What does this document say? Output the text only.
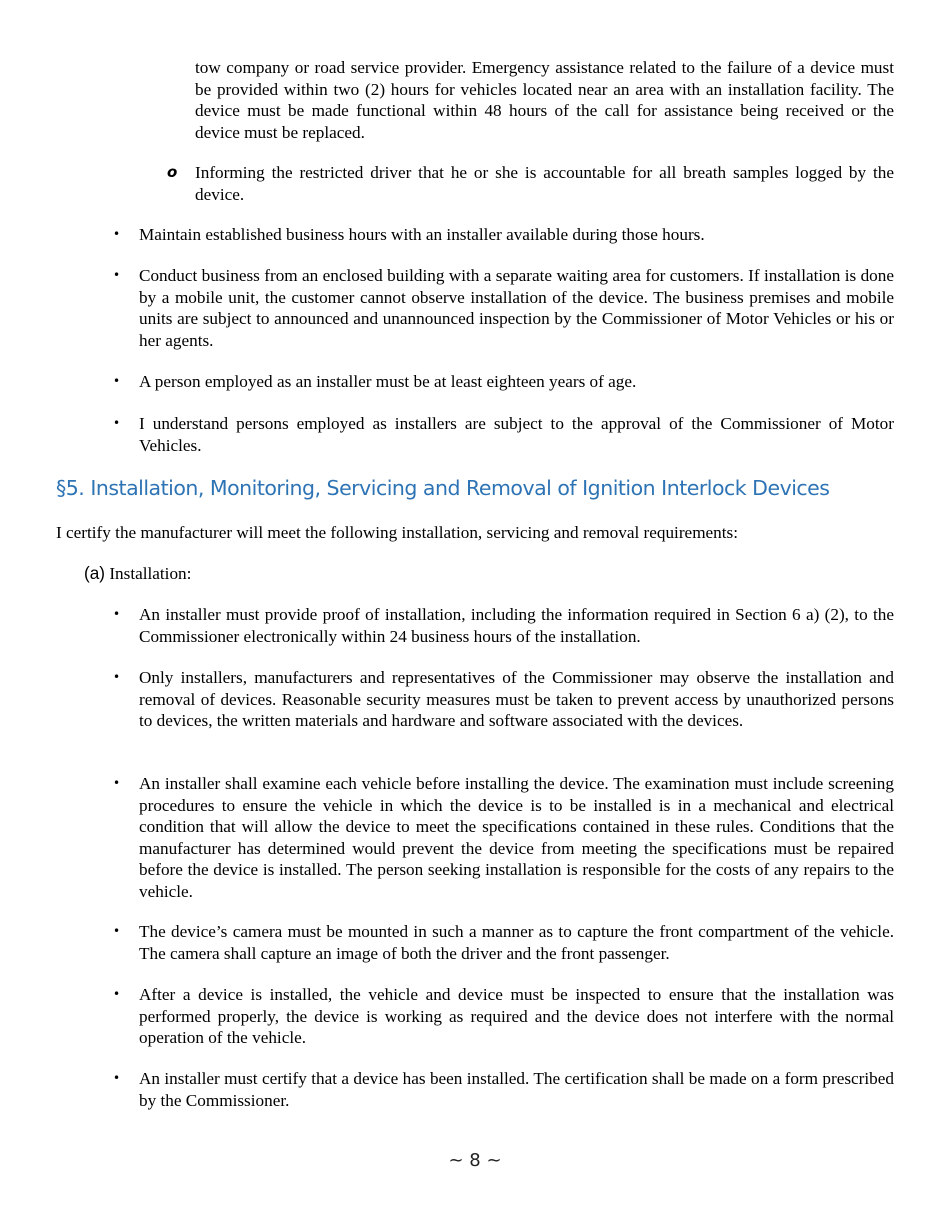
tow company or road service provider. Emergency assistance related to the failure of a device must be provided within two (2) hours for vehicles located near an area with an installation facility. The device must be made functional within 48 hours of the call for assistance being received or the device must be replaced.

o	Informing the restricted driver that he or she is accountable for all breath samples logged by the device.

•	Maintain established business hours with an installer available during those hours.

•	Conduct business from an enclosed building with a separate waiting area for customers. If installation is done by a mobile unit, the customer cannot observe installation of the device. The business premises and mobile units are subject to announced and unannounced inspection by the Commissioner of Motor Vehicles or his or her agents.

•	A person employed as an installer must be at least eighteen years of age.

•	I understand persons employed as installers are subject to the approval of the Commissioner of Motor Vehicles.

§5. Installation, Monitoring, Servicing and Removal of Ignition Interlock Devices

I certify the manufacturer will meet the following installation, servicing and removal requirements:

(a) Installation:

•	An installer must provide proof of installation, including the information required in Section 6 a) (2), to the Commissioner electronically within 24 business hours of the installation.

•	Only installers, manufacturers and representatives of the Commissioner may observe the installation and removal of devices. Reasonable security measures must be taken to prevent access by unauthorized persons to devices, the written materials and hardware and software associated with the devices.

•	An installer shall examine each vehicle before installing the device. The examination must include screening procedures to ensure the vehicle in which the device is to be installed is in a mechanical and electrical condition that will allow the device to meet the specifications contained in these rules. Conditions that the manufacturer has determined would prevent the device from meeting the specifications must be repaired before the device is installed. The person seeking installation is responsible for the costs of any repairs to the vehicle.

•	The device’s camera must be mounted in such a manner as to capture the front compartment of the vehicle. The camera shall capture an image of both the driver and the front passenger.

•	After a device is installed, the vehicle and device must be inspected to ensure that the installation was performed properly, the device is working as required and the device does not interfere with the normal operation of the vehicle.

•	An installer must certify that a device has been installed. The certification shall be made on a form prescribed by the Commissioner.

~ 8 ~
